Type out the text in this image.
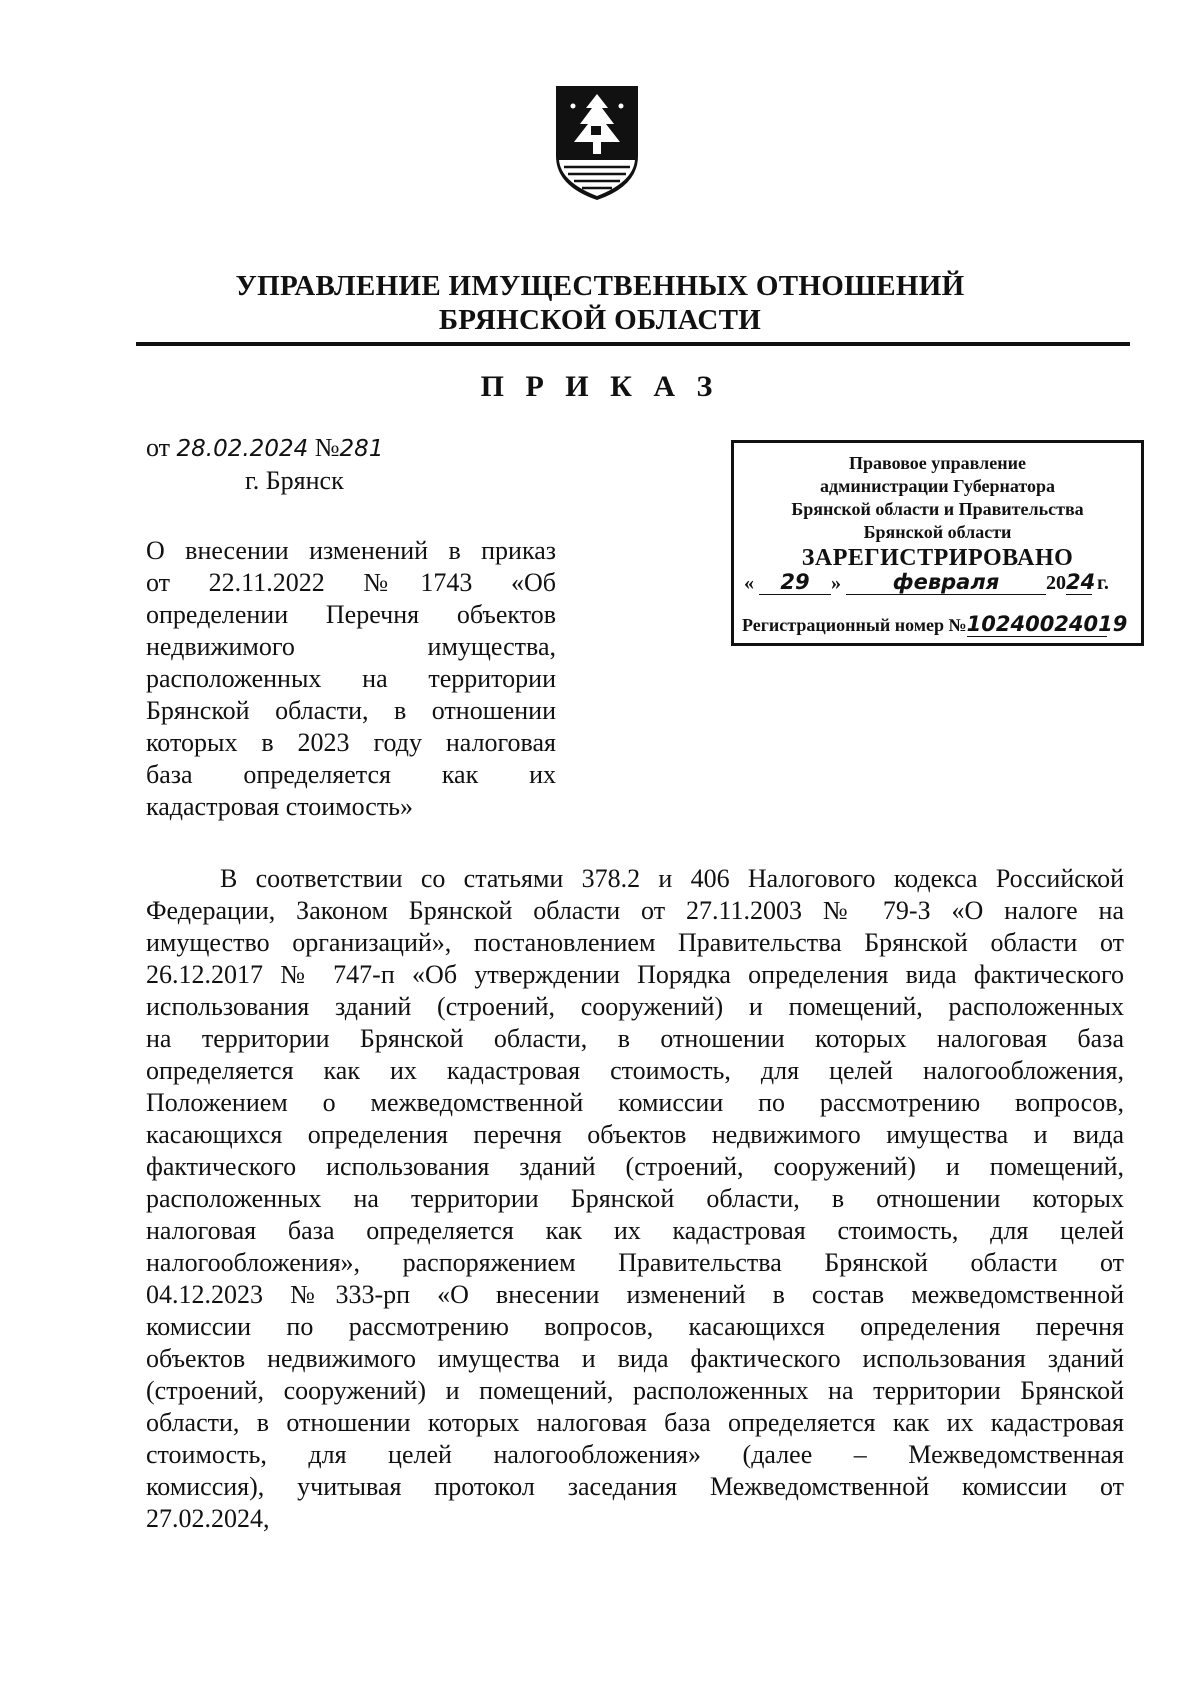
УПРАВЛЕНИЕ ИМУЩЕСТВЕННЫХ ОТНОШЕНИЙ
БРЯНСКОЙ ОБЛАСТИ
П Р И К А З
от 28.02.2024 №281
г. Брянск
Правовое управление
администрации Губернатора
Брянской области и Правительства
Брянской области
ЗАРЕГИСТРИРОВАНО
« 29 » февраля 2024 г.
Регистрационный номер №10240024019
О внесении изменений в приказ
от 22.11.2022 №1743 «Об
определении Перечня объектов
недвижимого имущества,
расположенных на территории
Брянской области, в отношении
которых в 2023 году налоговая
база определяется как их
кадастровая стоимость»
В соответствии со статьями 378.2 и 406 Налогового кодекса Российской
Федерации, Законом Брянской области от 27.11.2003 № 79-З «О налоге на
имущество организаций», постановлением Правительства Брянской области от
26.12.2017 № 747-п «Об утверждении Порядка определения вида фактического
использования зданий (строений, сооружений) и помещений, расположенных
на территории Брянской области, в отношении которых налоговая база
определяется как их кадастровая стоимость, для целей налогообложения,
Положением о межведомственной комиссии по рассмотрению вопросов,
касающихся определения перечня объектов недвижимого имущества и вида
фактического использования зданий (строений, сооружений) и помещений,
расположенных на территории Брянской области, в отношении которых
налоговая база определяется как их кадастровая стоимость, для целей
налогообложения», распоряжением Правительства Брянской области от
04.12.2023 №333-рп «О внесении изменений в состав межведомственной
комиссии по рассмотрению вопросов, касающихся определения перечня
объектов недвижимого имущества и вида фактического использования зданий
(строений, сооружений) и помещений, расположенных на территории Брянской
области, в отношении которых налоговая база определяется как их кадастровая
стоимость, для целей налогообложения» (далее – Межведомственная
комиссия), учитывая протокол заседания Межведомственной комиссии от
27.02.2024,
